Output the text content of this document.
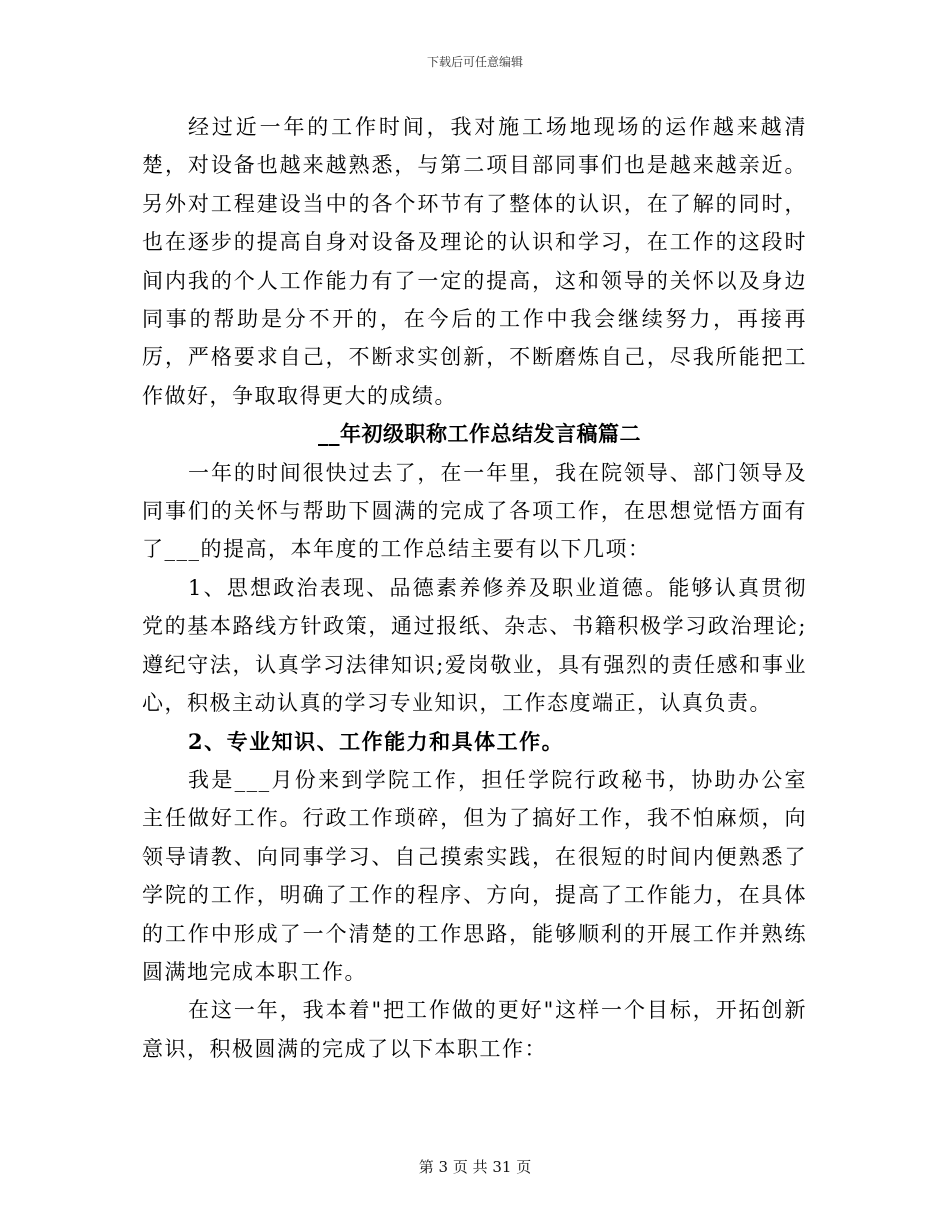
下载后可任意编辑

经过近一年的工作时间，我对施工场地现场的运作越来越清楚，对设备也越来越熟悉，与第二项目部同事们也是越来越亲近。另外对工程建设当中的各个环节有了整体的认识，在了解的同时，也在逐步的提高自身对设备及理论的认识和学习，在工作的这段时间内我的个人工作能力有了一定的提高，这和领导的关怀以及身边同事的帮助是分不开的，在今后的工作中我会继续努力，再接再厉，严格要求自己，不断求实创新，不断磨炼自己，尽我所能把工作做好，争取取得更大的成绩。

__年初级职称工作总结发言稿篇二

一年的时间很快过去了，在一年里，我在院领导、部门领导及同事们的关怀与帮助下圆满的完成了各项工作，在思想觉悟方面有了___的提高，本年度的工作总结主要有以下几项：

1、思想政治表现、品德素养修养及职业道德。能够认真贯彻党的基本路线方针政策，通过报纸、杂志、书籍积极学习政治理论;遵纪守法，认真学习法律知识;爱岗敬业，具有强烈的责任感和事业心，积极主动认真的学习专业知识，工作态度端正，认真负责。

2、专业知识、工作能力和具体工作。

我是___月份来到学院工作，担任学院行政秘书，协助办公室主任做好工作。行政工作琐碎，但为了搞好工作，我不怕麻烦，向领导请教、向同事学习、自己摸索实践，在很短的时间内便熟悉了学院的工作，明确了工作的程序、方向，提高了工作能力，在具体的工作中形成了一个清楚的工作思路，能够顺利的开展工作并熟练圆满地完成本职工作。

在这一年，我本着"把工作做的更好"这样一个目标，开拓创新意识，积极圆满的完成了以下本职工作：

第 3 页 共 31 页
